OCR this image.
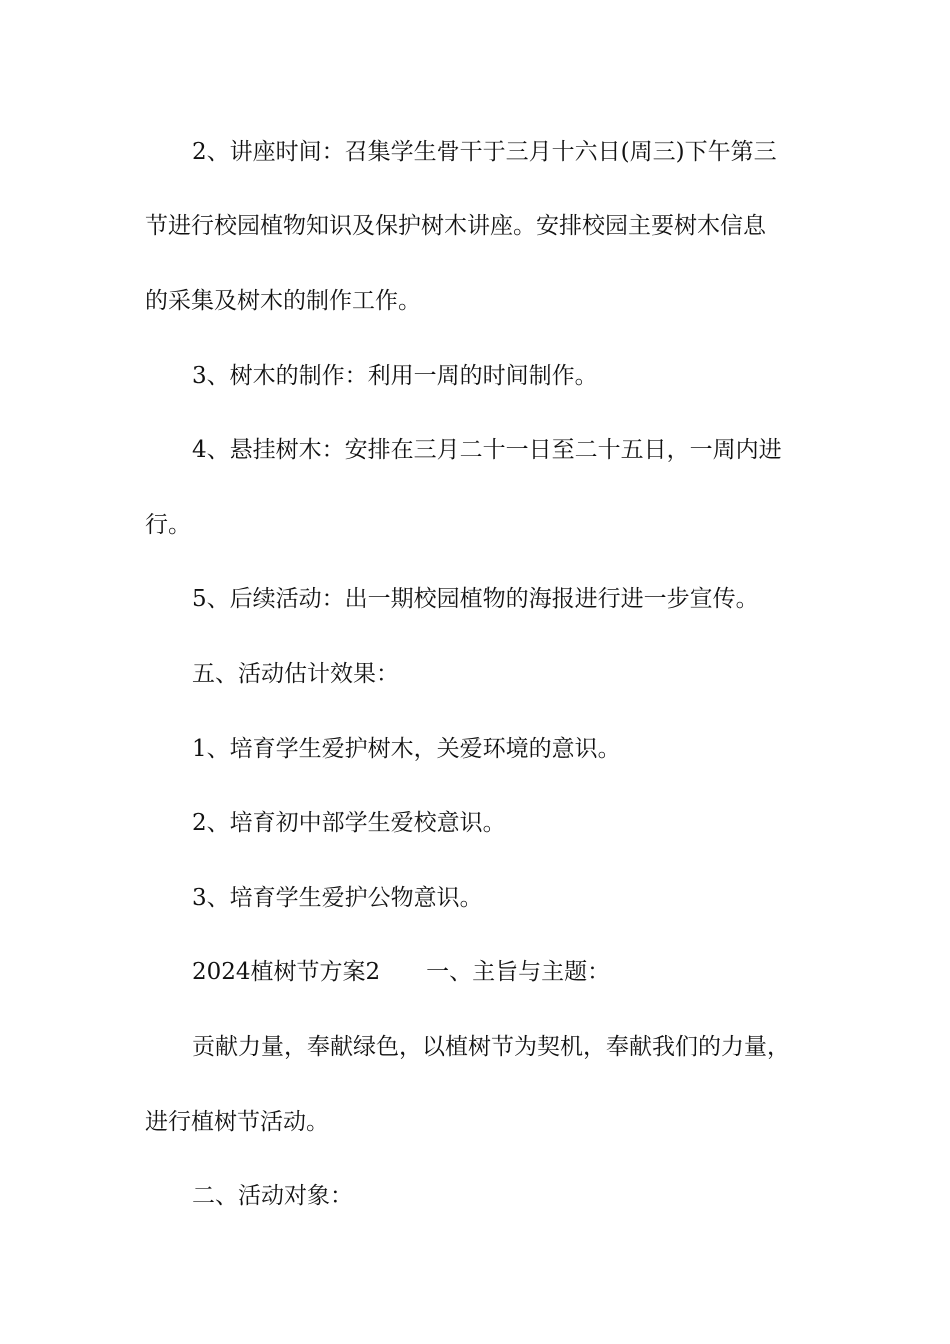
2、讲座时间：召集学生骨干于三月十六日(周三)下午第三
节进行校园植物知识及保护树木讲座。安排校园主要树木信息
的采集及树木的制作工作。
3、树木的制作：利用一周的时间制作。
4、悬挂树木：安排在三月二十一日至二十五日，一周内进
行。
5、后续活动：出一期校园植物的海报进行进一步宣传。
五、活动估计效果：
1、培育学生爱护树木，关爱环境的意识。
2、培育初中部学生爱校意识。
3、培育学生爱护公物意识。
2024植树节方案2　　一、主旨与主题：
贡献力量，奉献绿色，以植树节为契机，奉献我们的力量，
进行植树节活动。
二、活动对象：
